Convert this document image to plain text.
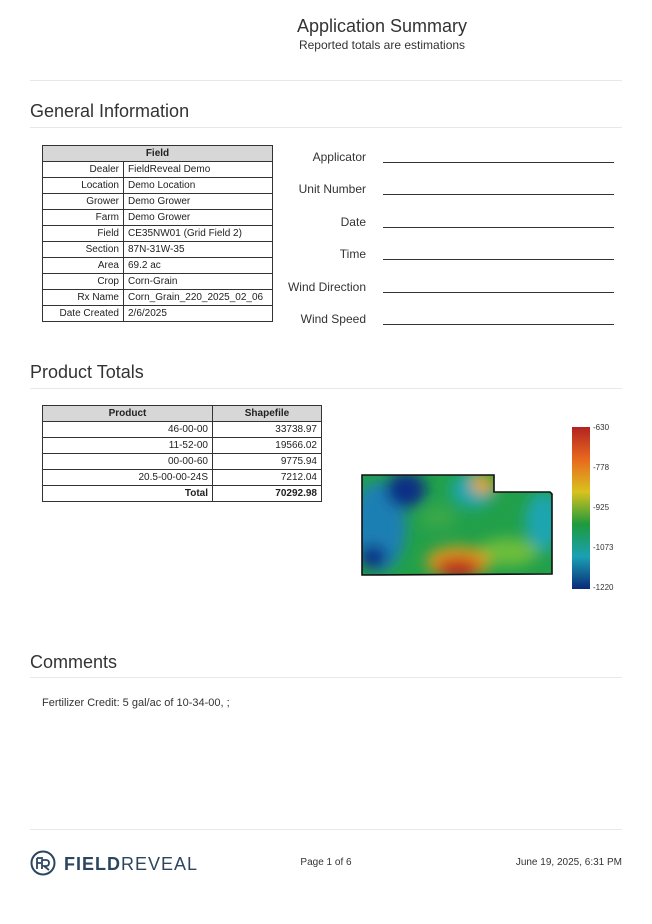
Application Summary
Reported totals are estimations
General Information
Field	
Dealer	FieldReveal Demo
Location	Demo Location
Grower	Demo Grower
Farm	Demo Grower
Field	CE35NW01 (Grid Field 2)
Section	87N-31W-35
Area	69.2 ac
Crop	Corn-Grain
Rx Name	Corn_Grain_220_2025_02_06
Date Created	2/6/2025
Applicator
Unit Number
Date
Time
Wind Direction
Wind Speed
Product Totals
Product	Shapefile
46-00-00	33738.97
11-52-00	19566.02
00-00-60	9775.94
20.5-00-00-24S	7212.04
Total	70292.98
-630
-778
-925
-1073
-1220
Comments
Fertilizer Credit: 5 gal/ac of 10-34-00, ;
FIELDREVEAL	Page 1 of 6	June 19, 2025, 6:31 PM
